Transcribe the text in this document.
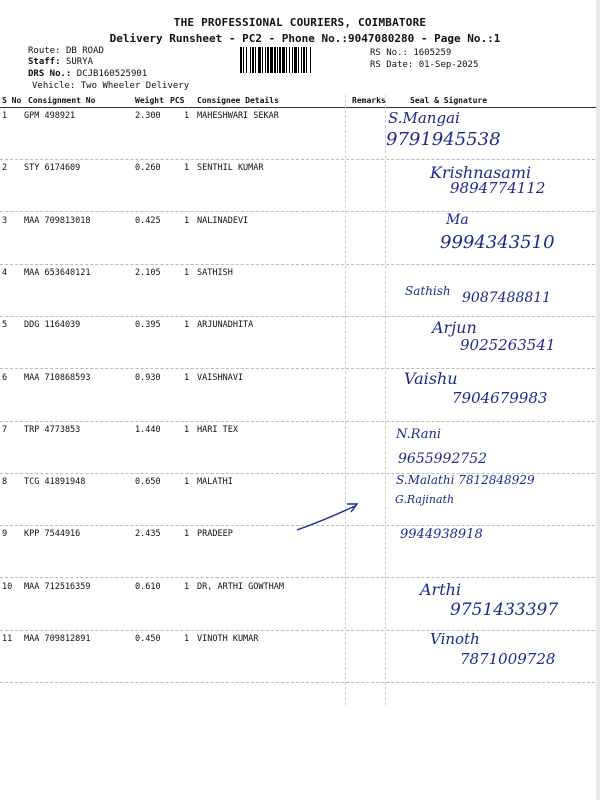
THE PROFESSIONAL COURIERS, COIMBATORE
Delivery Runsheet - PC2 - Phone No.:9047080280 - Page No.:1
Route: DB ROAD
Staff: SURYA
DRS No.: DCJB160525901
Vehicle: Two Wheeler Delivery
RS No.: 1605259
RS Date: 01-Sep-2025
S No Consignment No	Weight PCS Consignee Details	Remarks	Seal & Signature
1 GPM 498921	2.300	1 MAHESHWARI SEKAR	S.Mangai
9791945538
2 STY 6174609	0.260	1 SENTHIL KUMAR	Krishnasami
9894774112
3 MAA 709813018	0.425	1 NALINADEVI	Ma
9994343510
4 MAA 653640121	2.105	1 SATHISH
Sathish 9087488811
5 DDG 1164039	0.395	1 ARJUNADHITA	Arjun
9025263541
6 MAA 710868593	0.930	1 VAISHNAVI	Vaishu
7904679983
7 TRP 4773853	1.440	1 HARI TEX	N.Rani
9655992752
8 TCG 41891948	0.650	1 MALATHI	S.Malathi 7812848929
G.Rajinath
9 KPP 7544916	2.435	1 PRADEEP	9944938918
10 MAA 712516359	0.610	1 DR, ARTHI GOWTHAM	Arthi
9751433397
11 MAA 709812891	0.450	1 VINOTH KUMAR	Vinoth
7871009728
